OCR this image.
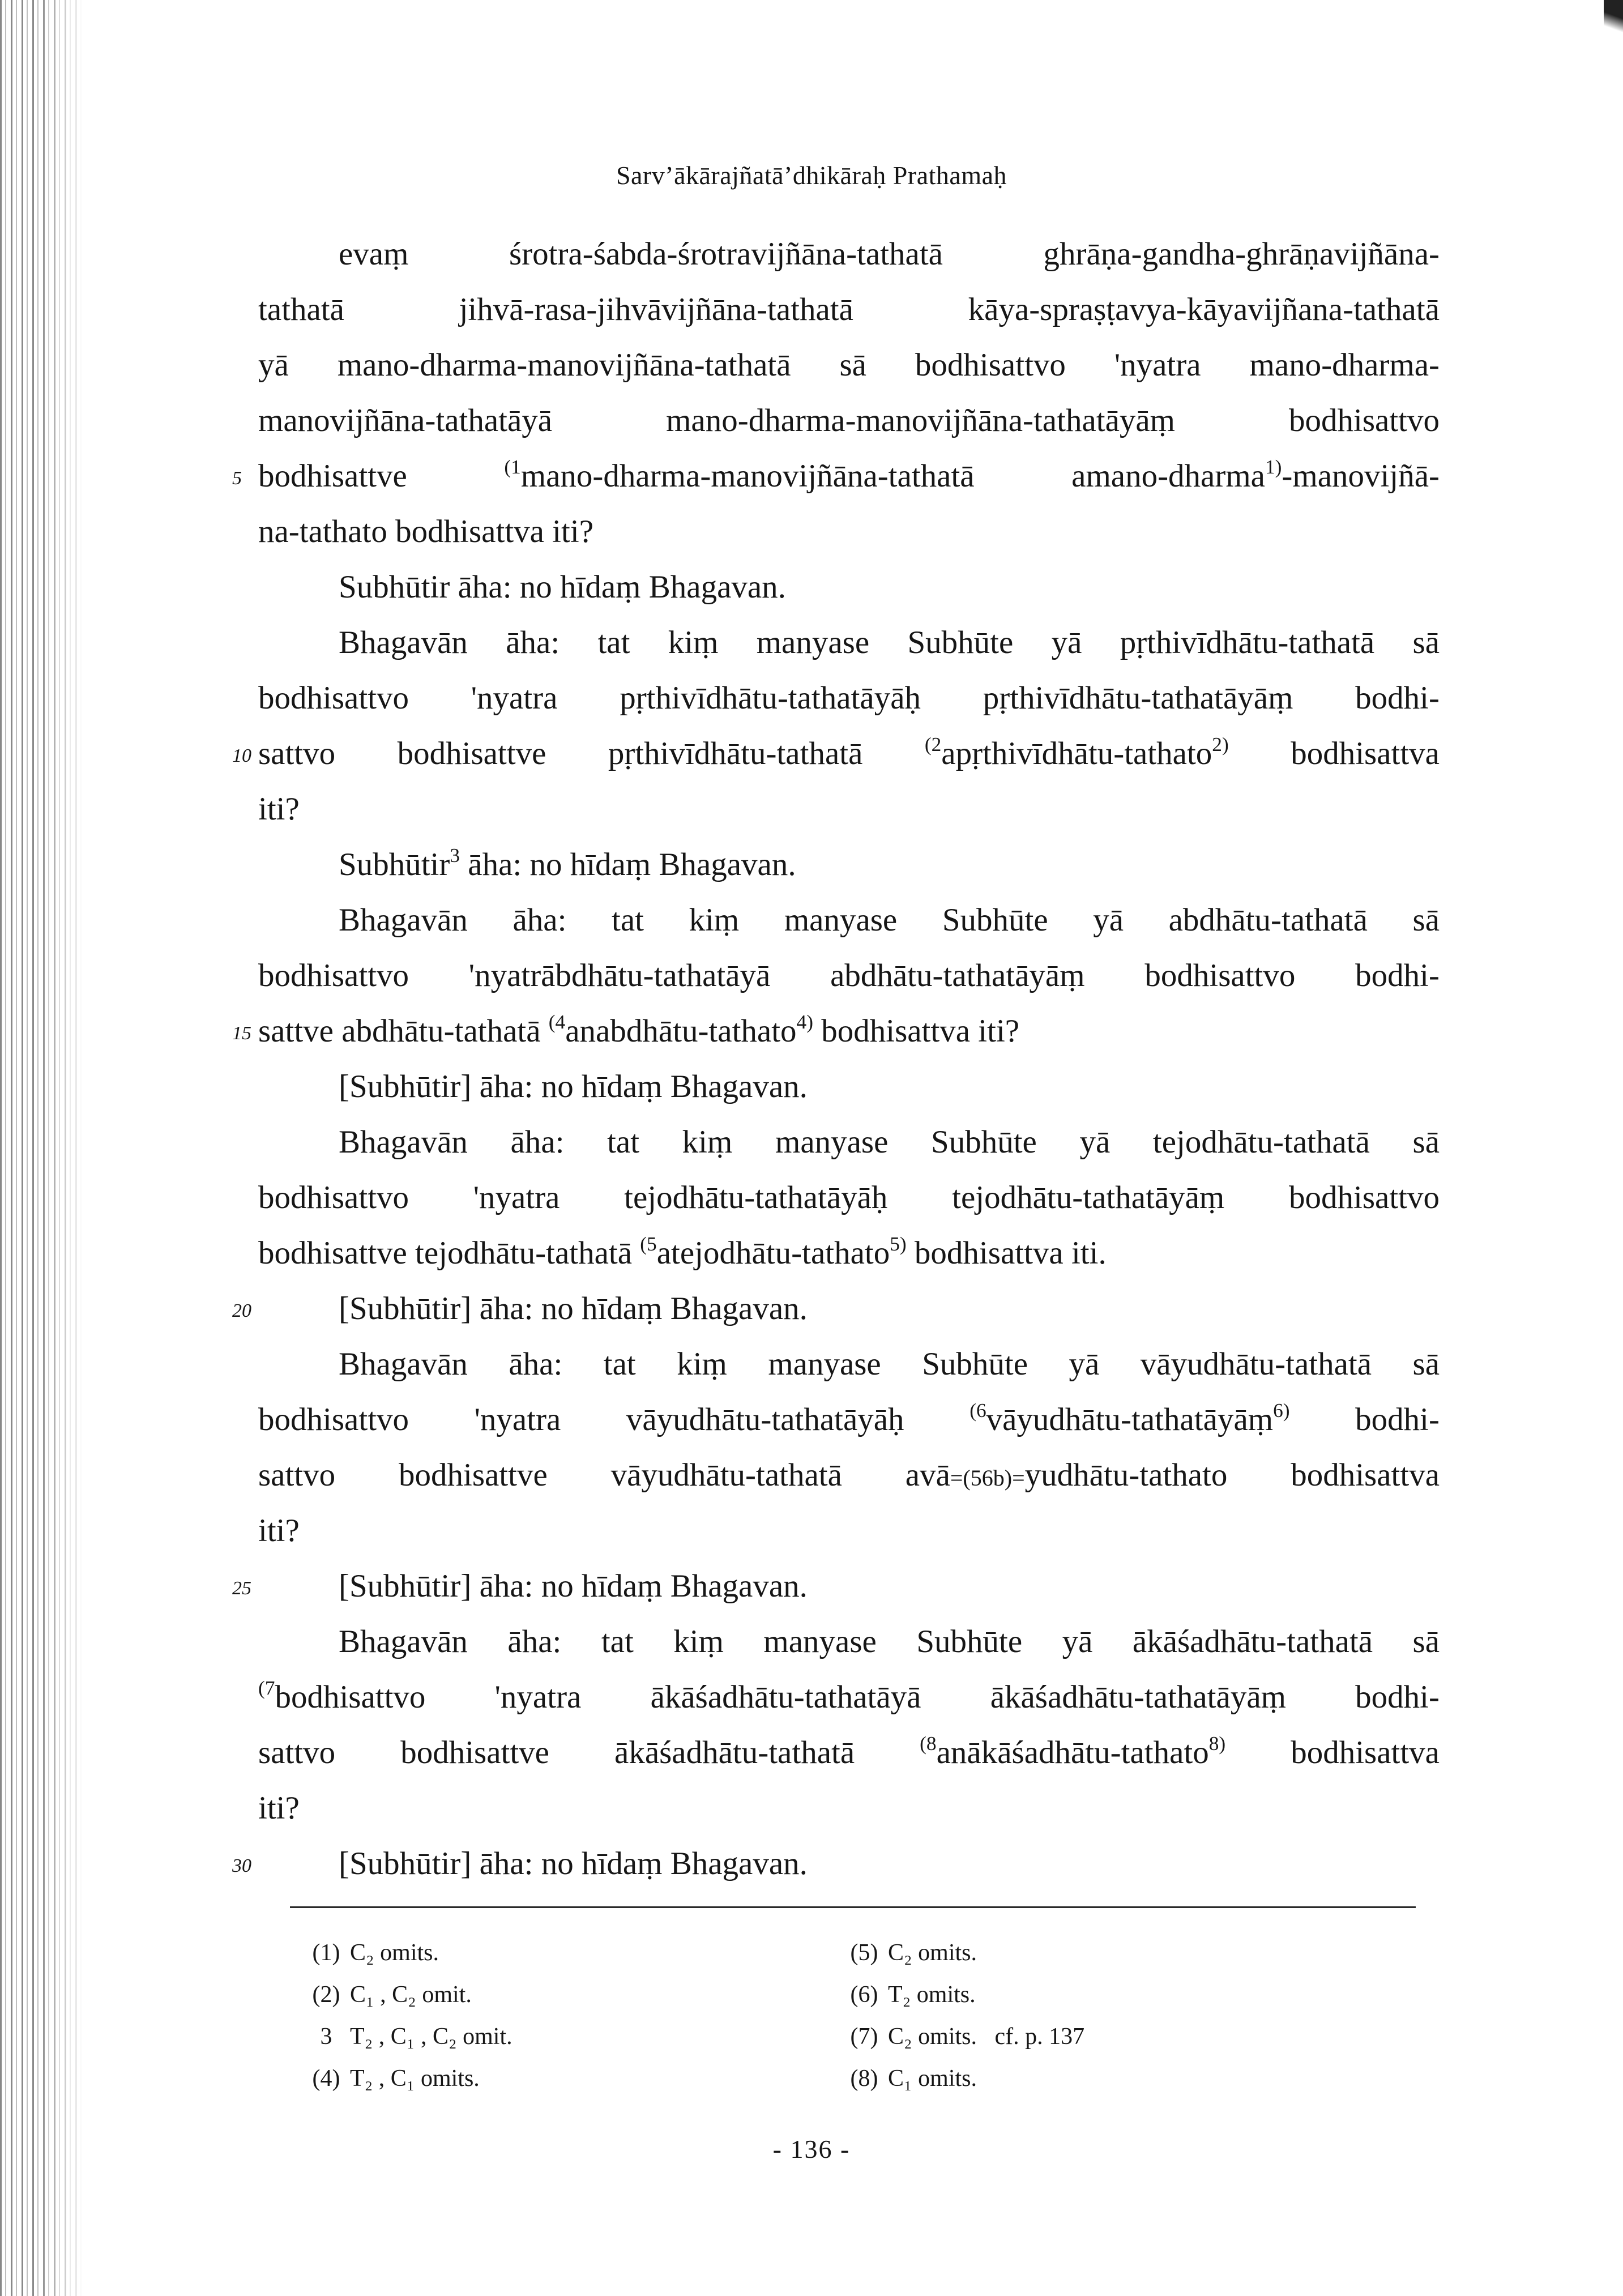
Sarv’ākārajñatā’dhikāraḥ Prathamaḥ
evaṃ śrotra-śabda-śrotravijñāna-tathatā ghrāṇa-gandha-ghrāṇavijñāna-
tathatā jihvā-rasa-jihvāvijñāna-tathatā kāya-spraṣṭavya-kāyavijñana-tathatā
yā mano-dharma-manovijñāna-tathatā sā bodhisattvo 'nyatra mano-dharma-
manovijñāna-tathatāyā mano-dharma-manovijñāna-tathatāyāṃ bodhisattvo
5 bodhisattve $^{(1}$mano-dharma-manovijñāna-tathatā amano-dharma$^{1)}$-manovijñā-
na-tathato bodhisattva iti?
Subhūtir āha: no hīdaṃ Bhagavan.
Bhagavān āha: tat kiṃ manyase Subhūte yā pṛthivīdhātu-tathatā sā
bodhisattvo 'nyatra pṛthivīdhātu-tathatāyāḥ pṛthivīdhātu-tathatāyāṃ bodhi-
10 sattvo bodhisattve pṛthivīdhātu-tathatā $^{(2}$apṛthivīdhātu-tathato$^{2)}$ bodhisattva
iti?
Subhūtir$^3$ āha: no hīdaṃ Bhagavan.
Bhagavān āha: tat kiṃ manyase Subhūte yā abdhātu-tathatā sā
bodhisattvo 'nyatrābdhātu-tathatāyā abdhātu-tathatāyāṃ bodhisattvo bodhi-
15 sattve abdhātu-tathatā $^{(4}$anabdhātu-tathato$^{4)}$ bodhisattva iti?
[Subhūtir] āha: no hīdaṃ Bhagavan.
Bhagavān āha: tat kiṃ manyase Subhūte yā tejodhātu-tathatā sā
bodhisattvo 'nyatra tejodhātu-tathatāyāḥ tejodhātu-tathatāyāṃ bodhisattvo
bodhisattve tejodhātu-tathatā $^{(5}$atejodhātu-tathato$^{5)}$ bodhisattva iti.
20	[Subhūtir] āha: no hīdaṃ Bhagavan.
Bhagavān āha: tat kiṃ manyase Subhūte yā vāyudhātu-tathatā sā
bodhisattvo 'nyatra vāyudhātu-tathatāyāḥ $^{(6}$vāyudhātu-tathatāyāṃ$^{6)}$ bodhi-
sattvo bodhisattve vāyudhātu-tathatā avā=(56b)=yudhātu-tathato bodhisattva
iti?
25	[Subhūtir] āha: no hīdaṃ Bhagavan.
Bhagavān āha: tat kiṃ manyase Subhūte yā ākāśadhātu-tathatā sā
$^{(7}$bodhisattvo 'nyatra ākāśadhātu-tathatāyā ākāśadhātu-tathatāyāṃ bodhi-
sattvo bodhisattve ākāśadhātu-tathatā $^{(8}$anākāśadhātu-tathato$^{8)}$ bodhisattva
iti?
30	[Subhūtir] āha: no hīdaṃ Bhagavan.
(1) C₂ omits.
(2) C₁ , C₂ omit.
3 T₂ , C₁ , C₂ omit.
(4) T₂ , C₁ omits.
(5) C₂ omits.
(6) T₂ omits.
(7) C₂ omits.   cf. p. 137
(8) C₁ omits.
- 136 -
